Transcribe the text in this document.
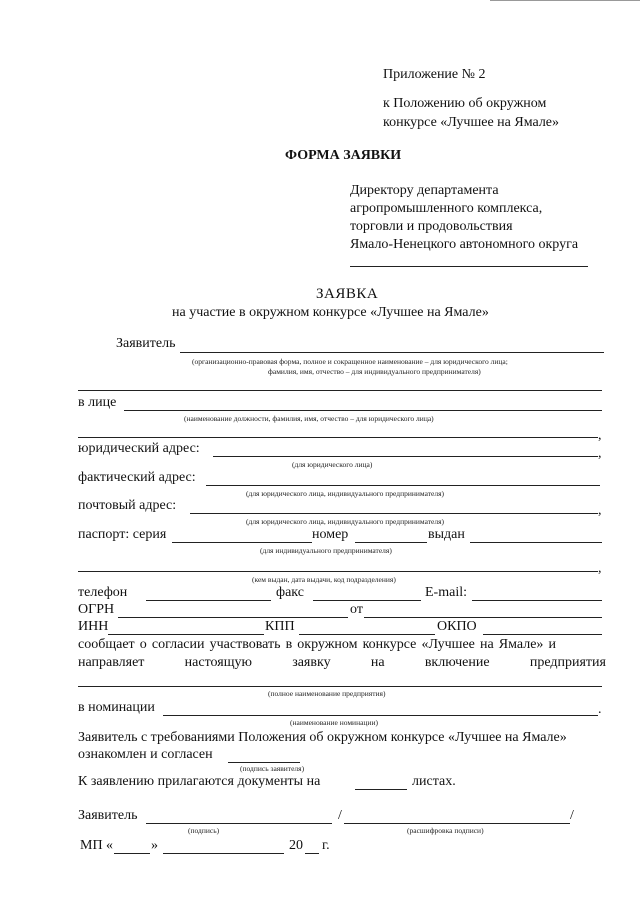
Приложение № 2
к Положению об окружном
конкурсе «Лучшее на Ямале»
ФОРМА ЗАЯВКИ
Директору департамента
агропромышленного комплекса,
торговли и продовольствия
Ямало-Ненецкого автономного округа
ЗАЯВКА
на участие в окружном конкурсе «Лучшее на Ямале»
Заявитель
(организационно-правовая форма, полное и сокращенное наименование – для юридического лица;
фамилия, имя, отчество – для индивидуального предпринимателя)
в лице
(наименование должности, фамилия, имя, отчество – для юридического лица)
,
юридический адрес:	,
(для юридического лица)
фактический адрес:
(для юридического лица, индивидуального предпринимателя)
почтовый адрес:	,
(для юридического лица, индивидуального предпринимателя)
паспорт: серия	номер	выдан
(для индивидуального предпринимателя)
,
(кем выдан, дата выдачи, код подразделения)
телефон	факс	E-mail:
ОГРН	от
ИНН	КПП	ОКПО
сообщает о согласии участвовать в окружном конкурсе «Лучшее на Ямале» и
направляет	настоящую	заявку	на	включение	предприятия
(полное наименование предприятия)
в номинации	.
(наименование номинации)
Заявитель с требованиями Положения об окружном конкурсе «Лучшее на Ямале»
ознакомлен и согласен
(подпись заявителя)
К заявлению прилагаются документы на	листах.
Заявитель	/	/
(подпись)	(расшифровка подписи)
МП «	»	20 г.
